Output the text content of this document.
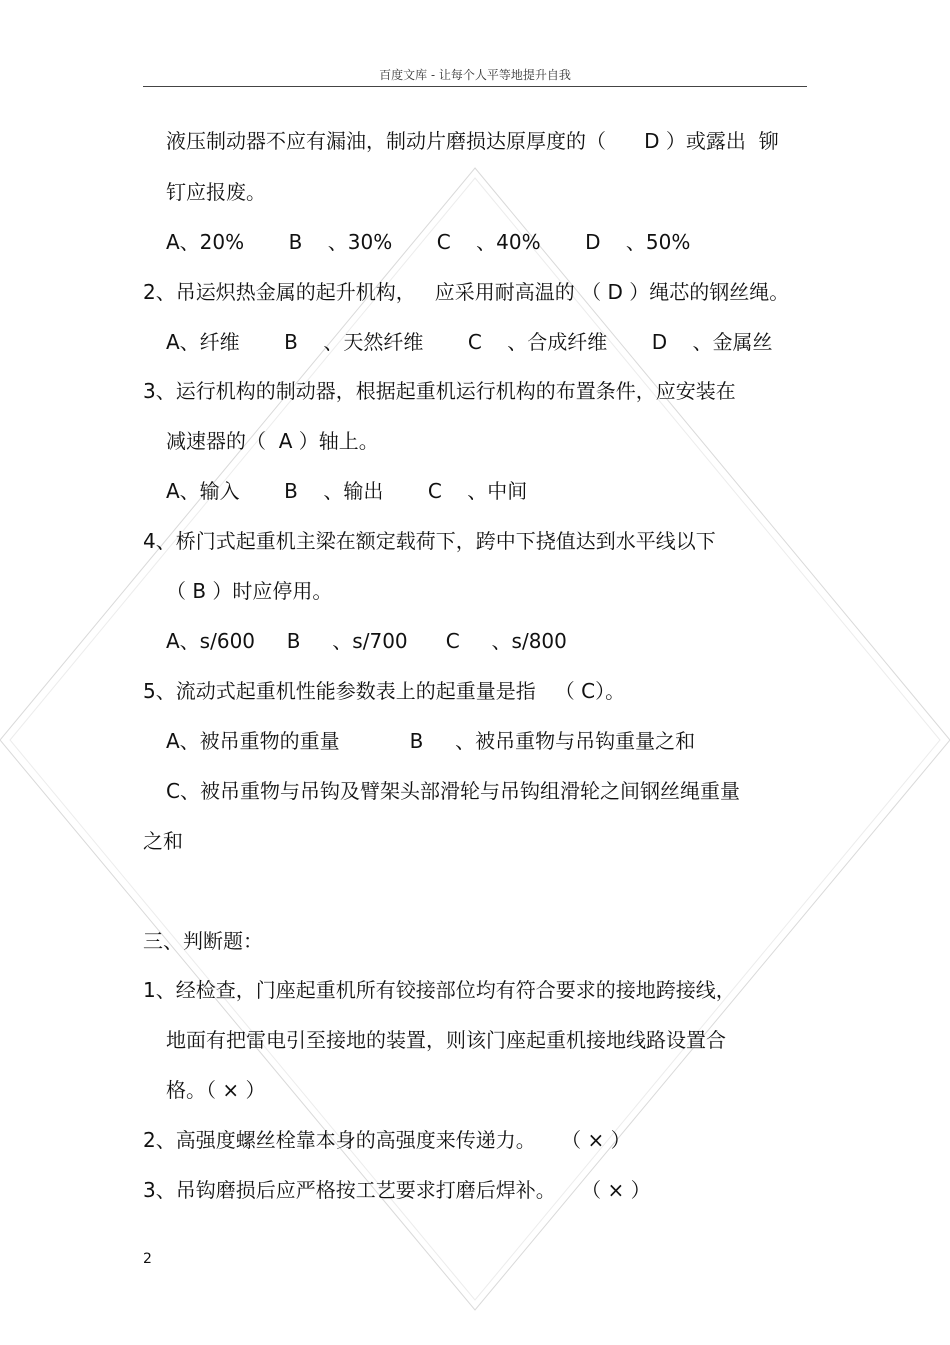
百度文库 - 让每个人平等地提升自我
液压制动器不应有漏油，制动片磨损达原厚度的（      D ）或露出  铆
钉应报废。
A、20%       B    、30%       C    、40%       D    、50%
2、吊运炽热金属的起升机构，   应采用耐高温的 （ D ）绳芯的钢丝绳。
A、纤维       B    、天然纤维       C    、合成纤维       D    、金属丝
3、运行机构的制动器，根据起重机运行机构的布置条件，应安装在
减速器的（  A ）轴上。
A、输入       B    、输出       C    、中间
4、桥门式起重机主梁在额定载荷下，跨中下挠值达到水平线以下
（ B ）时应停用。
A、s/600     B     、s/700      C     、s/800
5、流动式起重机性能参数表上的起重量是指   （ C）。
A、被吊重物的重量           B     、被吊重物与吊钩重量之和
C、被吊重物与吊钩及臂架头部滑轮与吊钩组滑轮之间钢丝绳重量
之和
三、判断题：
1、经检查，门座起重机所有铰接部位均有符合要求的接地跨接线，
地面有把雷电引至接地的装置，则该门座起重机接地线路设置合
格。（ × ）
2、高强度螺丝栓靠本身的高强度来传递力。    （ × ）
3、吊钩磨损后应严格按工艺要求打磨后焊补。    （ × ）
2
